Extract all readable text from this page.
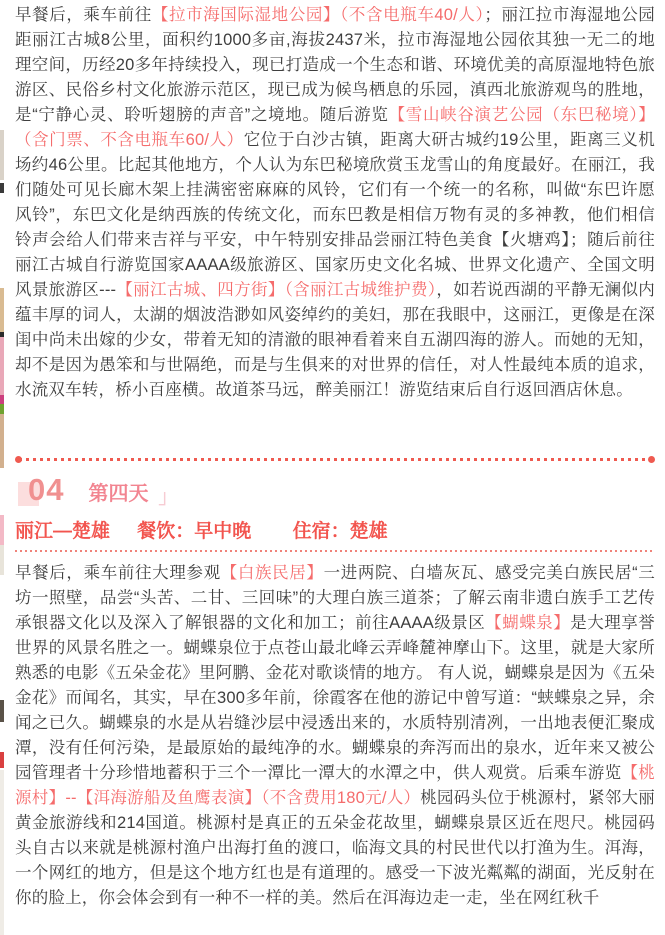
早餐后，乘车前往【拉市海国际湿地公园】（不含电瓶车40/人）；丽江拉市海湿地公园距丽江古城8公里，面积约1000多亩,海拔2437米，拉市海湿地公园依其独一无二的地理空间，历经20多年持续投入，现已打造成一个生态和谐、环境优美的高原湿地特色旅游区、民俗乡村文化旅游示范区，现已成为候鸟栖息的乐园，滇西北旅游观鸟的胜地，是“宁静心灵、聆听翅膀的声音”之境地。随后游览【雪山峡谷演艺公园（东巴秘境）】（含门票、不含电瓶车60/人）它位于白沙古镇，距离大研古城约19公里，距离三义机场约46公里。比起其他地方，个人认为东巴秘境欣赏玉龙雪山的角度最好。在丽江，我们随处可见长廊木架上挂满密密麻麻的风铃，它们有一个统一的名称，叫做“东巴许愿风铃”，东巴文化是纳西族的传统文化，而东巴教是相信万物有灵的多神教，他们相信铃声会给人们带来吉祥与平安，中午特别安排品尝丽江特色美食【火塘鸡】；随后前往丽江古城自行游览国家AAAA级旅游区、国家历史文化名城、世界文化遗产、全国文明风景旅游区---【丽江古城、四方街】（含丽江古城维护费），如若说西湖的平静无澜似内蕴丰厚的词人，太湖的烟波浩渺如风姿绰约的美妇，那在我眼中，这丽江，更像是在深闺中尚未出嫁的少女，带着无知的清澈的眼神看着来自五湖四海的游人。而她的无知，却不是因为愚笨和与世隔绝，而是与生俱来的对世界的信任，对人性最纯本质的追求，水流双车转，桥小百座横。故道茶马远，醉美丽江！游览结束后自行返回酒店休息。

04 第四天 」
丽江—楚雄 餐饮：早中晚 住宿：楚雄

早餐后，乘车前往大理参观【白族民居】一进两院、白墙灰瓦、感受完美白族民居“三坊一照壁，品尝“头苦、二甘、三回味”的大理白族三道茶；了解云南非遗白族手工艺传承银器文化以及深入了解银器的文化和加工；前往AAAA级景区【蝴蝶泉】是大理享誉世界的风景名胜之一。蝴蝶泉位于点苍山最北峰云弄峰麓神摩山下。这里，就是大家所熟悉的电影《五朵金花》里阿鹏、金花对歌谈情的地方。 有人说，蝴蝶泉是因为《五朵金花》而闻名，其实，早在300多年前，徐霞客在他的游记中曾写道：“蛱蝶泉之异，余闻之已久。蝴蝶泉的水是从岩缝沙层中浸透出来的，水质特别清冽，一出地表便汇聚成潭，没有任何污染，是最原始的最纯净的水。蝴蝶泉的奔泻而出的泉水，近年来又被公园管理者十分珍惜地蓄积于三个一潭比一潭大的水潭之中，供人观赏。后乘车游览【桃源村】--【洱海游船及鱼鹰表演】（不含费用180元/人）桃园码头位于桃源村，紧邻大丽黄金旅游线和214国道。桃源村是真正的五朵金花故里，蝴蝶泉景区近在咫尺。桃园码头自古以来就是桃源村渔户出海打鱼的渡口，临海文具的村民世代以打渔为生。洱海，一个网红的地方，但是这个地方红也是有道理的。感受一下波光粼粼的湖面，光反射在你的脸上，你会体会到有一种不一样的美。然后在洱海边走一走，坐在网红秋千
